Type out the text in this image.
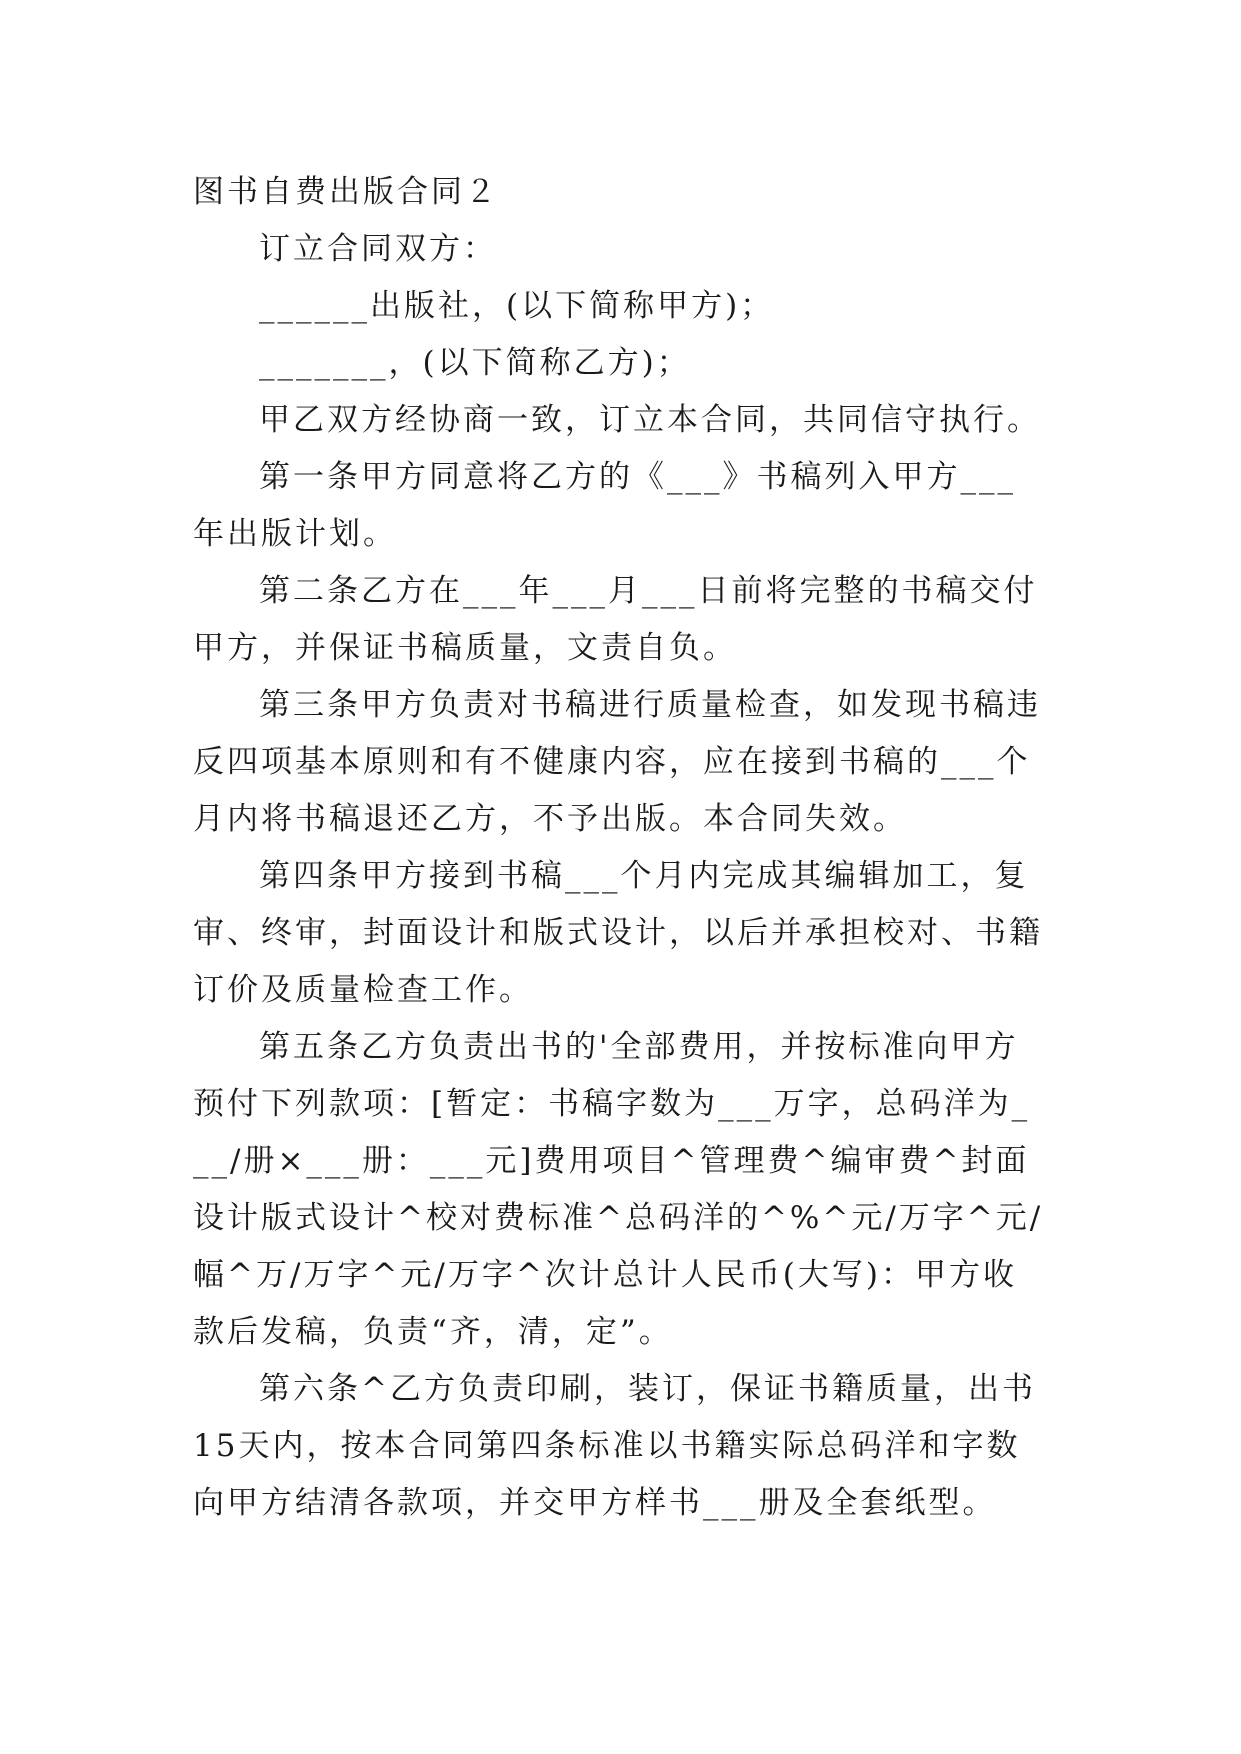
图书自费出版合同２

订立合同双方：

______出版社，(以下简称甲方)；

_______，(以下简称乙方)；

甲乙双方经协商一致，订立本合同，共同信守执行。

第一条甲方同意将乙方的《___》书稿列入甲方___年出版计划。

第二条乙方在___年___月___日前将完整的书稿交付甲方，并保证书稿质量，文责自负。

第三条甲方负责对书稿进行质量检查，如发现书稿违反四项基本原则和有不健康内容，应在接到书稿的___个月内将书稿退还乙方，不予出版。本合同失效。

第四条甲方接到书稿___个月内完成其编辑加工，复审、终审，封面设计和版式设计，以后并承担校对、书籍订价及质量检查工作。

第五条乙方负责出书的'全部费用，并按标准向甲方预付下列款项：[暂定：书稿字数为___万字，总码洋为___/册×___册：___元]费用项目^管理费^编审费^封面设计版式设计^校对费标准^总码洋的^%^元/万字^元/幅^万/万字^元/万字^次计总计人民币(大写)：甲方收款后发稿，负责“齐，清，定”。

第六条^乙方负责印刷，装订，保证书籍质量，出书15天内，按本合同第四条标准以书籍实际总码洋和字数向甲方结清各款项，并交甲方样书___册及全套纸型。
